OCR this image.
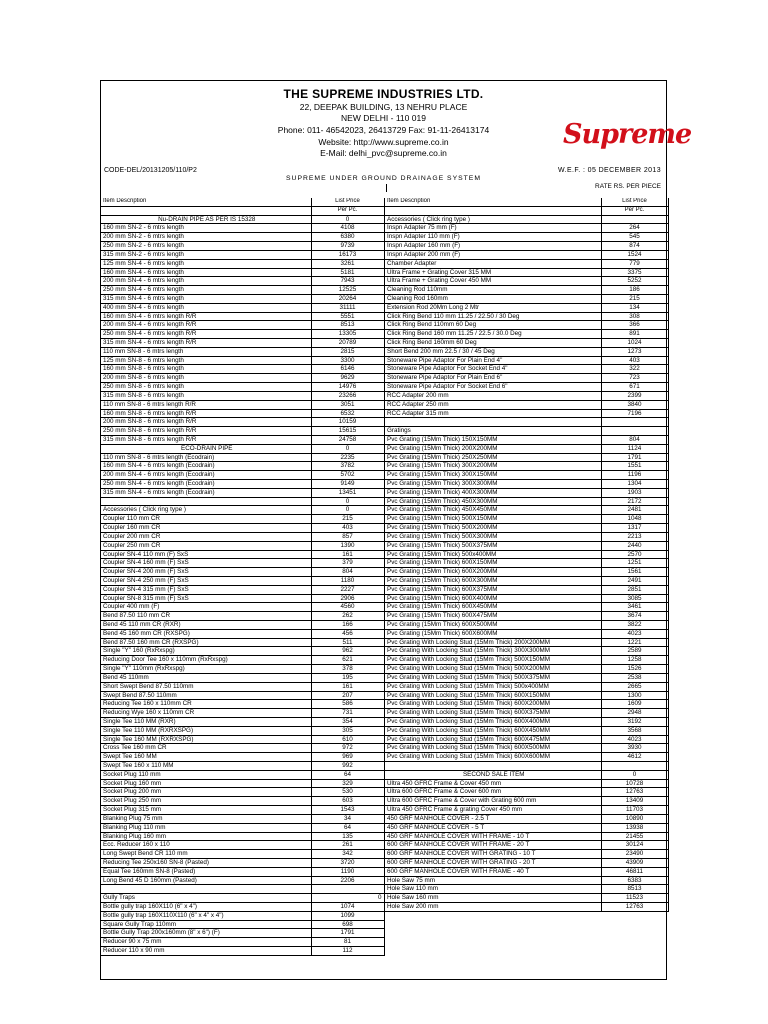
THE SUPREME INDUSTRIES LTD.
22, DEEPAK BUILDING, 13 NEHRU PLACE
NEW DELHI - 110 019
Phone: 011- 46542023, 26413729 Fax: 91-11-26413174
Website: http://www.supreme.co.in
E-Mail: delhi_pvc@supreme.co.in
Supreme
CODE-DEL/20131205/110/P2	W.E.F. : 05 DECEMBER 2013
SUPREME UNDER GROUND DRAINAGE SYSTEM
RATE RS. PER PIECE
Item Description	List Price
	Per Pc.
Nu-DRAIN PIPE AS PER IS 15328	0
160 mm SN-2 - 6 mtrs length	4108
200 mm SN-2 - 6 mtrs length	6380
250 mm SN-2 - 6 mtrs length	9739
315 mm SN-2 - 6 mtrs length	16173
125 mm SN-4 - 6 mtrs length	3261
160 mm SN-4 - 6 mtrs length	5181
200 mm SN-4 - 6 mtrs length	7943
250 mm SN-4 - 6 mtrs length	12525
315 mm SN-4 - 6 mtrs length	20264
400 mm SN-4 - 6 mtrs length	31111
160 mm SN-4 - 6 mtrs length R/R	5551
200 mm SN-4 - 6 mtrs length R/R	8513
250 mm SN-4 - 6 mtrs length R/R	13305
315 mm SN-4 - 6 mtrs length R/R	20789
110 mm SN-8 - 6 mtrs length	2815
125 mm SN-8 - 6 mtrs length	3300
160 mm SN-8 - 6 mtrs length	6146
200 mm SN-8 - 6 mtrs length	9629
250 mm SN-8 - 6 mtrs length	14976
315 mm SN-8 - 6 mtrs length	23266
110 mm SN-8 - 6 mtrs length R/R	3051
160 mm SN-8 - 6 mtrs length R/R	6532
200 mm SN-8 - 6 mtrs length R/R	10159
250 mm SN-8 - 6 mtrs length R/R	15615
315 mm SN-8 - 6 mtrs length R/R	24758
ECO-DRAIN PIPE	0
110 mm SN-8 - 6 mtrs length (Ecodrain)	2235
160 mm SN-4 - 6 mtrs length (Ecodrain)	3782
200 mm SN-4 - 6 mtrs length (Ecodrain)	5702
250 mm SN-4 - 6 mtrs length (Ecodrain)	9149
315 mm SN-4 - 6 mtrs length (Ecodrain)	13451
	0
Accessories ( Click ring type )	0
Coupler 110 mm CR	215
Coupler 160 mm CR	403
Coupler 200 mm CR	857
Coupler 250 mm CR	1390
Coupler SN-4 110 mm (F) SxS	161
Coupler SN-4 160 mm (F) SxS	379
Coupler SN-4 200 mm (F) SxS	804
Coupler SN-4 250 mm (F) SxS	1180
Coupler SN-4 315 mm (F) SxS	2227
Coupler SN-8 315 mm (F) SxS	2906
Coupler 400 mm (F)	4560
Bend 87.50 110 mm CR	262
Bend 45 110 mm CR (RXR)	166
Bend 45 160 mm CR (RXSPG)	456
Bend 87.50 160 mm CR (RXSPG)	511
Single "Y" 160 (RxRxspg)	962
Reducing Door Tee 160 x 110mm (RxRxspg)	621
Single "Y" 110mm (RxRxspg)	378
Bend 45 110mm	195
Short Swept Bend 87.50 110mm	161
Swept Bend 87.50 110mm	207
Reducing Tee 160 x 110mm CR	586
Reducing Wye 160 x 110mm CR	731
Single Tee 110 MM (RXR)	354
Single Tee 110 MM (RXRXSPG)	305
Single Tee 160 MM (RXRXSPG)	610
Cross Tee 160 mm CR	972
Swept Tee 160 MM	969
Swept Tee 160 x 110 MM	992
Socket Plug 110 mm	64
Socket Plug 160 mm	329
Socket Plug 200 mm	530
Socket Plug 250 mm	603
Socket Plug 315 mm	1543
Blanking Plug 75 mm	34
Blanking Plug 110 mm	64
Blanking Plug 160 mm	135
Ecc. Reducer 160 x 110	261
Long Swept Bend CR 110 mm	342
Reducing Tee 250x160 SN-8 (Pasted)	3720
Equal Tee 160mm SN-8 (Pasted)	1190
Long Bend 45 D 160mm (Pasted)	2206

Gully Traps	0
Bottle gully trap 160X110 (6" x 4")	1074
Bottle gully trap 160X110X110 (6" x 4" x 4")	1099
Square Gully Trap 110mm	698
Bottle Gully Trap 200x160mm (8" x 6") (F)	1791
Reducer 90 x 75 mm	81
Reducer 110 x 90 mm	112
Item Description	List Price
	Per Pc.
Accessories ( Click ring type )	
Inspn Adapter 75 mm (F)	264
Inspn Adapter 110 mm (F)	545
Inspn Adapter 160 mm (F)	874
Inspn Adapter 200 mm (F)	1524
Chamber Adapter	779
Ultra Frame + Grating Cover 315 MM	3375
Ultra Frame + Grating Cover 450 MM	5252
Cleaning Rod 110mm	186
Cleaning Rod 160mm	215
Extension Rod 20Mm Long 2 Mtr	134
Click Ring Bend 110 mm 11.25 / 22.50 / 30 Deg	308
Click Ring Bend 110mm 60 Deg	366
Click Ring Bend 160 mm 11.25 / 22.5 / 30.0 Deg	891
Click Ring Bend 160mm 60 Deg	1024
Short Bend 200 mm 22.5 / 30 / 45 Deg	1273
Stoneware Pipe Adaptor For Plain End 4"	403
Stoneware Pipe Adaptor For Socket End 4"	322
Stoneware Pipe Adaptor For Plain End 6"	723
Stoneware Pipe Adaptor For Socket End 6"	671
RCC Adapter 200 mm	2399
RCC Adapter 250 mm	3840
RCC Adapter 315 mm	7196

Gratings	
Pvc Grating (15Mm Thick) 150X150MM	804
Pvc Grating (15Mm Thick) 200X200MM	1124
Pvc Grating (15Mm Thick) 250X250MM	1791
Pvc Grating (15Mm Thick) 300X200MM	1551
Pvc Grating (15Mm Thick) 300X150MM	1196
Pvc Grating (15Mm Thick) 300X300MM	1304
Pvc Grating (15Mm Thick) 400X300MM	1903
Pvc Grating (15Mm Thick) 450X300MM	2172
Pvc Grating (15Mm Thick) 450X450MM	2481
Pvc Grating (15Mm Thick) 500X150MM	1048
Pvc Grating (15Mm Thick) 500X200MM	1317
Pvc Grating (15Mm Thick) 500X300MM	2213
Pvc Grating (15Mm Thick) 500X375MM	2440
Pvc Grating (15Mm Thick) 500x400MM	2570
Pvc Grating (15Mm Thick) 600X150MM	1251
Pvc Grating (15Mm Thick) 600X200MM	1561
Pvc Grating (15Mm Thick) 600X300MM	2491
Pvc Grating (15Mm Thick) 600X375MM	2851
Pvc Grating (15Mm Thick) 600X400MM	3085
Pvc Grating (15Mm Thick) 600X450MM	3461
Pvc Grating (15Mm Thick) 600X475MM	3674
Pvc Grating (15Mm Thick) 600X500MM	3822
Pvc Grating (15Mm Thick) 600X600MM	4023
Pvc Grating With Locking Stud (15Mm Thick) 200X200MM	1221
Pvc Grating With Locking Stud (15Mm Thick) 300X300MM	2589
Pvc Grating With Locking Stud (15Mm Thick) 500X150MM	1258
Pvc Grating With Locking Stud (15Mm Thick) 500X200MM	1526
Pvc Grating With Locking Stud (15Mm Thick) 500X375MM	2538
Pvc Grating With Locking Stud (15Mm Thick) 500x400MM	2665
Pvc Grating With Locking Stud (15Mm Thick) 600X150MM	1300
Pvc Grating With Locking Stud (15Mm Thick) 600X200MM	1609
Pvc Grating With Locking Stud (15Mm Thick) 600X375MM	2948
Pvc Grating With Locking Stud (15Mm Thick) 600X400MM	3192
Pvc Grating With Locking Stud (15Mm Thick) 600X450MM	3568
Pvc Grating With Locking Stud (15Mm Thick) 600X475MM	4023
Pvc Grating With Locking Stud (15Mm Thick) 600X500MM	3930
Pvc Grating With Locking Stud (15Mm Thick) 600X600MM	4612

SECOND SALE ITEM	0
Ultra 450 GFRC Frame & Cover 450 mm	10728
Ultra 600 GFRC Frame & Cover 600 mm	12763
Ultra 600 GFRC Frame & Cover with Grating 600 mm	13409
Ultra 450 GFRC Frame & grating Cover 450 mm	11703
450 GRF MANHOLE COVER - 2.5 T	10890
450 GRF MANHOLE COVER - 5 T	13938
450 GRF MANHOLE COVER WITH FRAME - 10 T	21455
600 GRF MANHOLE COVER WITH FRAME - 20 T	30124
600 GRF MANHOLE COVER WITH GRATING - 10 T	23490
600 GRF MANHOLE COVER WITH GRATING - 20 T	43909
600 GRF MANHOLE COVER WITH FRAME - 40 T	46811
Hole Saw 75 mm	6383
Hole Saw 110 mm	8513
Hole Saw 160 mm	11523
Hole Saw 200 mm	12763
